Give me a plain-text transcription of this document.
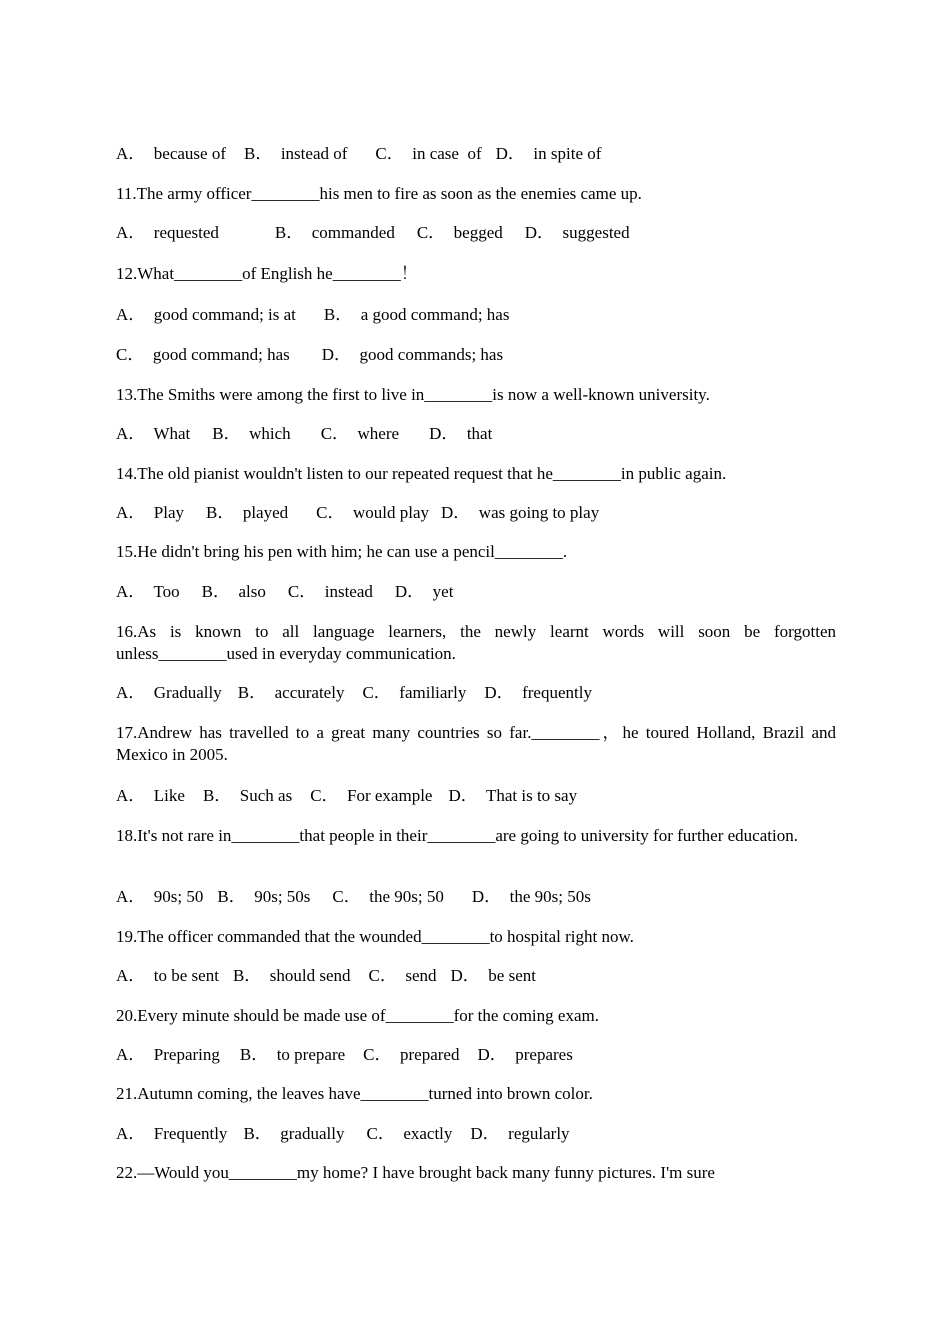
A．  because of B．  instead of C．  in case  of D．  in spite of
11.The army officer________his men to fire as soon as the enemies came up.
A．  requested	B．  commanded C．  begged D．  suggested
12.What________of English he________！
A．  good command; is at B．  a good command; has
C．  good command; has D．  good commands; has
13.The Smiths were among the first to live in________is now a well-known university.
A．  What B．  which C．  where D．  that
14.The old pianist wouldn't listen to our repeated request that he________in public again.
A．  Play B．  played C．  would play D．  was going to play
15.He didn't bring his pen with him; he can use a pencil________.
A．  Too B．  also C．  instead D．  yet
16.As is known to all language learners, the newly learnt words will soon be forgotten unless________used in everyday communication.
A．  Gradually B．  accurately C．  familiarly D．  frequently
17.Andrew has travelled to a great many countries so far.________，he toured Holland, Brazil and Mexico in 2005.
A．  Like B．  Such as C．  For example D．  That is to say
18.It's not rare in________that people in their________are going to university for further education.
A．  90s; 50 B．  90s; 50s C．  the 90s; 50 D．  the 90s; 50s
19.The officer commanded that the wounded________to hospital right now.
A．  to be sent B．  should send C．  send D．  be sent
20.Every minute should be made use of________for the coming exam.
A．  Preparing B．  to prepare C．  prepared D．  prepares
21.Autumn coming, the leaves have________turned into brown color.
A．  Frequently B．  gradually C．  exactly D．  regularly
22.—Would you________my home? I have brought back many funny pictures. I'm sure
